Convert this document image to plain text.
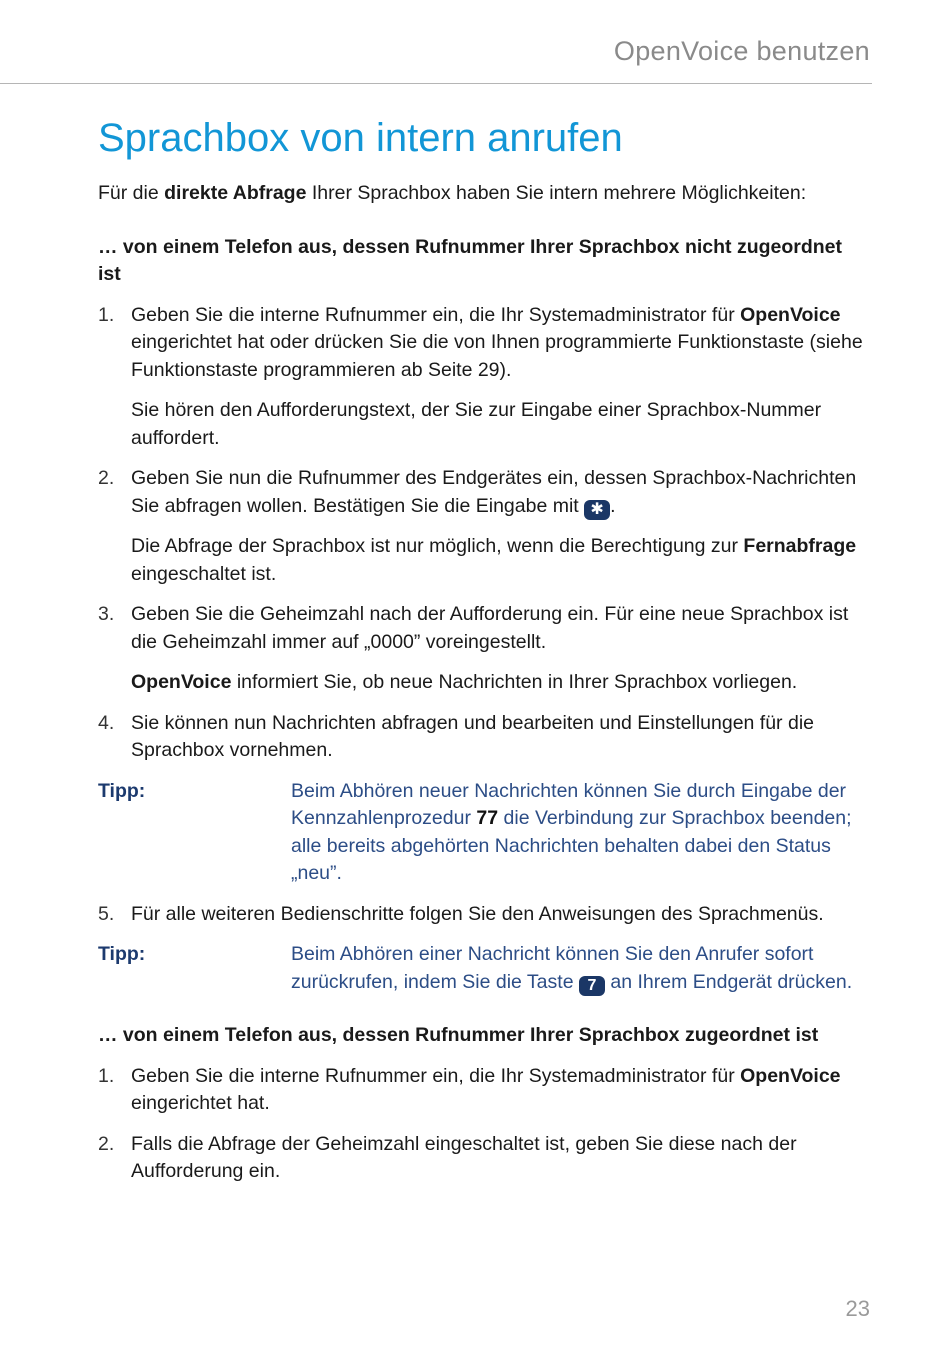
OpenVoice benutzen
Sprachbox von intern anrufen

Für die direkte Abfrage Ihrer Sprachbox haben Sie intern mehrere Möglichkeiten:

… von einem Telefon aus, dessen Rufnummer Ihrer Sprachbox nicht zugeordnet ist
1. Geben Sie die interne Rufnummer ein, die Ihr Systemadministrator für OpenVoice eingerichtet hat oder drücken Sie die von Ihnen programmierte Funktionstaste (siehe Funktionstaste programmieren ab Seite 29).

Sie hören den Aufforderungstext, der Sie zur Eingabe einer Sprachbox-Nummer auffordert.

2. Geben Sie nun die Rufnummer des Endgerätes ein, dessen Sprachbox-Nachrichten Sie abfragen wollen. Bestätigen Sie die Eingabe mit ✱ .

Die Abfrage der Sprachbox ist nur möglich, wenn die Berechtigung zur Fernabfrage eingeschaltet ist.

3. Geben Sie die Geheimzahl nach der Aufforderung ein. Für eine neue Sprachbox ist die Geheimzahl immer auf „0000” voreingestellt.

OpenVoice informiert Sie, ob neue Nachrichten in Ihrer Sprachbox vorliegen.

4. Sie können nun Nachrichten abfragen und bearbeiten und Einstellungen für die Sprachbox vornehmen.
Tipp:	Beim Abhören neuer Nachrichten können Sie durch Eingabe der Kennzahlenprozedur 77 die Verbindung zur Sprachbox beenden; alle bereits abgehörten Nachrichten behalten dabei den Status „neu”.
5. Für alle weiteren Bedienschritte folgen Sie den Anweisungen des Sprachmenüs.
Tipp:	Beim Abhören einer Nachricht können Sie den Anrufer sofort zurückrufen, indem Sie die Taste 7 an Ihrem Endgerät drücken.
… von einem Telefon aus, dessen Rufnummer Ihrer Sprachbox zugeordnet ist
1. Geben Sie die interne Rufnummer ein, die Ihr Systemadministrator für OpenVoice eingerichtet hat.
2. Falls die Abfrage der Geheimzahl eingeschaltet ist, geben Sie diese nach der Aufforderung ein.
23
